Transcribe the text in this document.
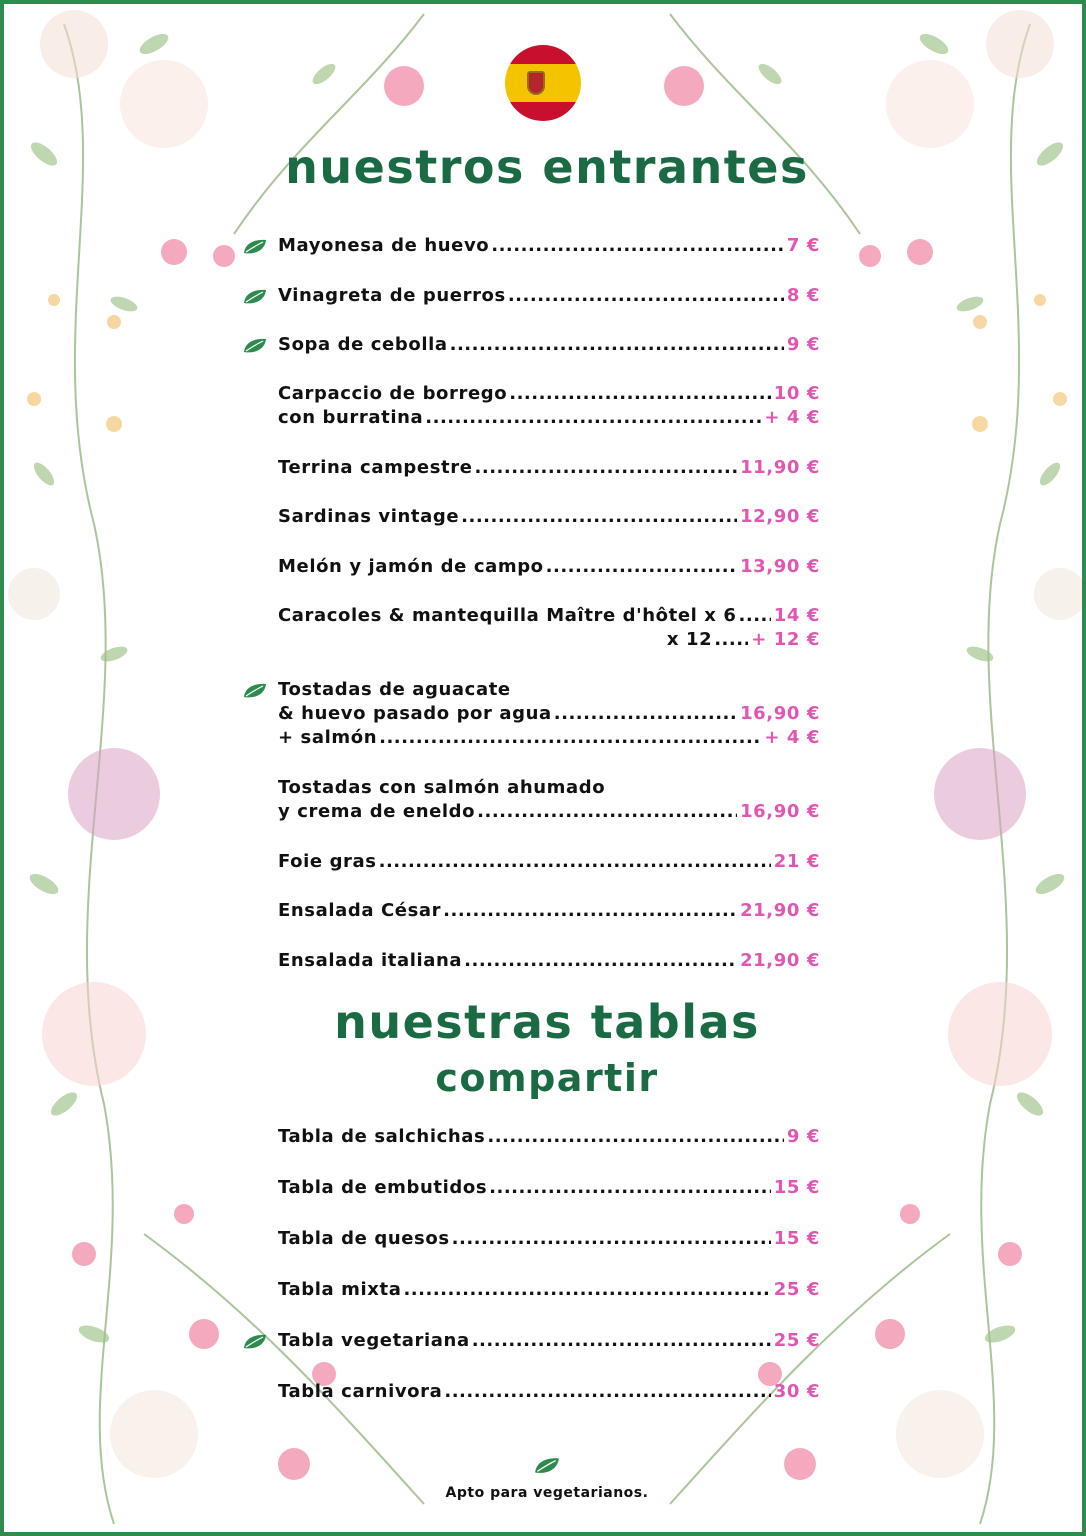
nuestros entrantes
Mayonesa de huevo .....	7 €
Vinagreta de puerros .....	8 €
Sopa de cebolla .....	9 €
Carpaccio de borrego .....	10 €
con burratina .....	+ 4 €
Terrina campestre .....	11,90 €
Sardinas vintage .....	12,90 €
Melón y jamón de campo .....	13,90 €
Caracoles & mantequilla Maître d'hôtel x 6 ..... 14 €
x 12 ..... + 12 €
Tostadas de aguacate
& huevo pasado por agua .....	16,90 €
+ salmón .....	+ 4 €
Tostadas con salmón ahumado
y crema de eneldo .....	16,90 €
Foie gras .....	21 €
Ensalada César .....	21,90 €
Ensalada italiana .....	21,90 €
nuestras tablas
compartir
Tabla de salchichas .....	9 €
Tabla de embutidos .....	15 €
Tabla de quesos .....	15 €
Tabla mixta .....	25 €
Tabla vegetariana .....	25 €
Tabla carnivora .....	30 €
Apto para vegetarianos.
